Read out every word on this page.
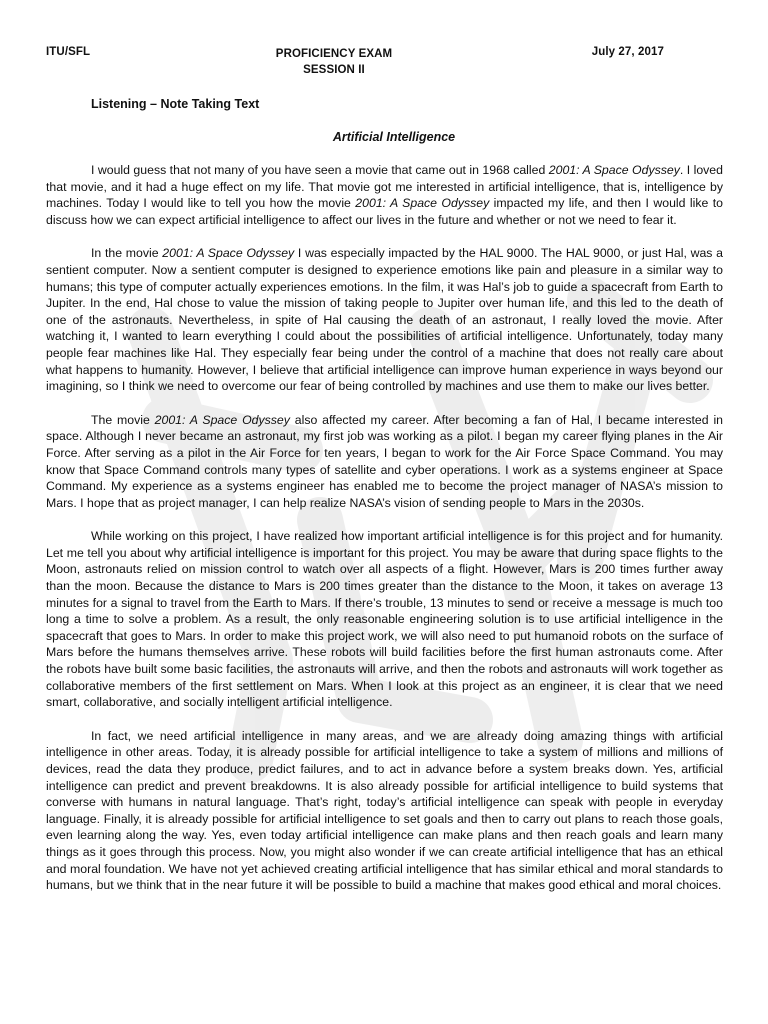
ITU/SFL	PROFICIENCY EXAM
SESSION II
July 27, 2017
Listening – Note Taking Text
Artificial Intelligence

I would guess that not many of you have seen a movie that came out in 1968 called 2001: A Space Odyssey. I loved that movie, and it had a huge effect on my life. That movie got me interested in artificial intelligence, that is, intelligence by machines. Today I would like to tell you how the movie 2001: A Space Odyssey impacted my life, and then I would like to discuss how we can expect artificial intelligence to affect our lives in the future and whether or not we need to fear it.

In the movie 2001: A Space Odyssey I was especially impacted by the HAL 9000. The HAL 9000, or just Hal, was a sentient computer. Now a sentient computer is designed to experience emotions like pain and pleasure in a similar way to humans; this type of computer actually experiences emotions. In the film, it was Hal’s job to guide a spacecraft from Earth to Jupiter. In the end, Hal chose to value the mission of taking people to Jupiter over human life, and this led to the death of one of the astronauts. Nevertheless, in spite of Hal causing the death of an astronaut, I really loved the movie. After watching it, I wanted to learn everything I could about the possibilities of artificial intelligence. Unfortunately, today many people fear machines like Hal. They especially fear being under the control of a machine that does not really care about what happens to humanity. However, I believe that artificial intelligence can improve human experience in ways beyond our imagining, so I think we need to overcome our fear of being controlled by machines and use them to make our lives better.

The movie 2001: A Space Odyssey also affected my career. After becoming a fan of Hal, I became interested in space. Although I never became an astronaut, my first job was working as a pilot. I began my career flying planes in the Air Force. After serving as a pilot in the Air Force for ten years, I began to work for the Air Force Space Command. You may know that Space Command controls many types of satellite and cyber operations. I work as a systems engineer at Space Command. My experience as a systems engineer has enabled me to become the project manager of NASA’s mission to Mars. I hope that as project manager, I can help realize NASA’s vision of sending people to Mars in the 2030s.

While working on this project, I have realized how important artificial intelligence is for this project and for humanity. Let me tell you about why artificial intelligence is important for this project. You may be aware that during space flights to the Moon, astronauts relied on mission control to watch over all aspects of a flight. However, Mars is 200 times further away than the moon. Because the distance to Mars is 200 times greater than the distance to the Moon, it takes on average 13 minutes for a signal to travel from the Earth to Mars. If there’s trouble, 13 minutes to send or receive a message is much too long a time to solve a problem. As a result, the only reasonable engineering solution is to use artificial intelligence in the spacecraft that goes to Mars. In order to make this project work, we will also need to put humanoid robots on the surface of Mars before the humans themselves arrive. These robots will build facilities before the first human astronauts come. After the robots have built some basic facilities, the astronauts will arrive, and then the robots and astronauts will work together as collaborative members of the first settlement on Mars. When I look at this project as an engineer, it is clear that we need smart, collaborative, and socially intelligent artificial intelligence.

In fact, we need artificial intelligence in many areas, and we are already doing amazing things with artificial intelligence in other areas. Today, it is already possible for artificial intelligence to take a system of millions and millions of devices, read the data they produce, predict failures, and to act in advance before a system breaks down. Yes, artificial intelligence can predict and prevent breakdowns. It is also already possible for artificial intelligence to build systems that converse with humans in natural language. That’s right, today’s artificial intelligence can speak with people in everyday language. Finally, it is already possible for artificial intelligence to set goals and then to carry out plans to reach those goals, even learning along the way. Yes, even today artificial intelligence can make plans and then reach goals and learn many things as it goes through this process. Now, you might also wonder if we can create artificial intelligence that has an ethical and moral foundation. We have not yet achieved creating artificial intelligence that has similar ethical and moral standards to humans, but we think that in the near future it will be possible to build a machine that makes good ethical and moral choices.
